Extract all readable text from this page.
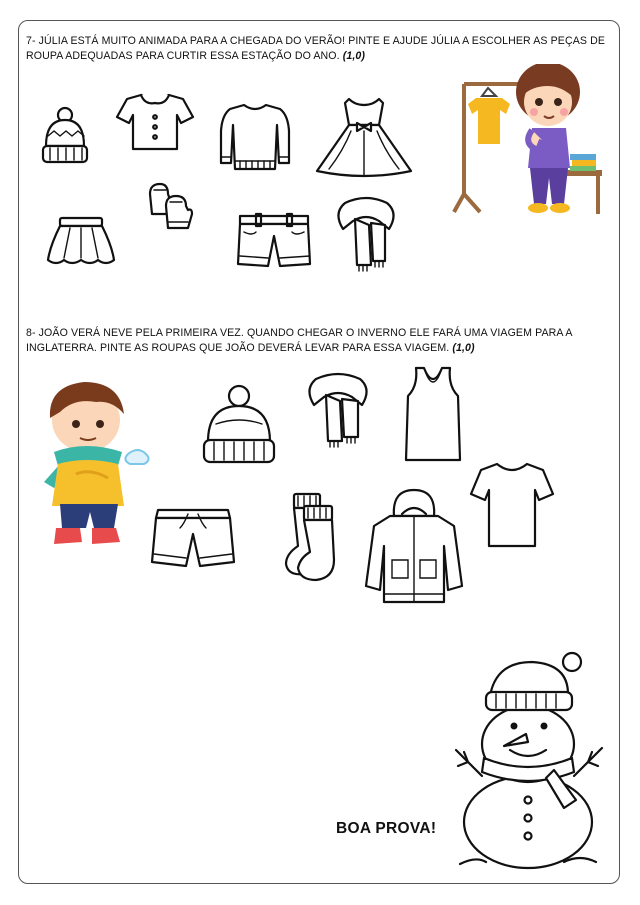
7- JÚLIA ESTÁ MUITO ANIMADA PARA A CHEGADA DO VERÃO! PINTE E AJUDE JÚLIA A ESCOLHER AS PEÇAS DE ROUPA ADEQUADAS PARA CURTIR ESSA ESTAÇÃO DO ANO. (1,0)
8- JOÃO VERÁ NEVE PELA PRIMEIRA VEZ. QUANDO CHEGAR O INVERNO ELE FARÁ UMA VIAGEM PARA A INGLATERRA. PINTE AS ROUPAS QUE JOÃO DEVERÁ LEVAR PARA ESSA VIAGEM. (1,0)
BOA PROVA!
